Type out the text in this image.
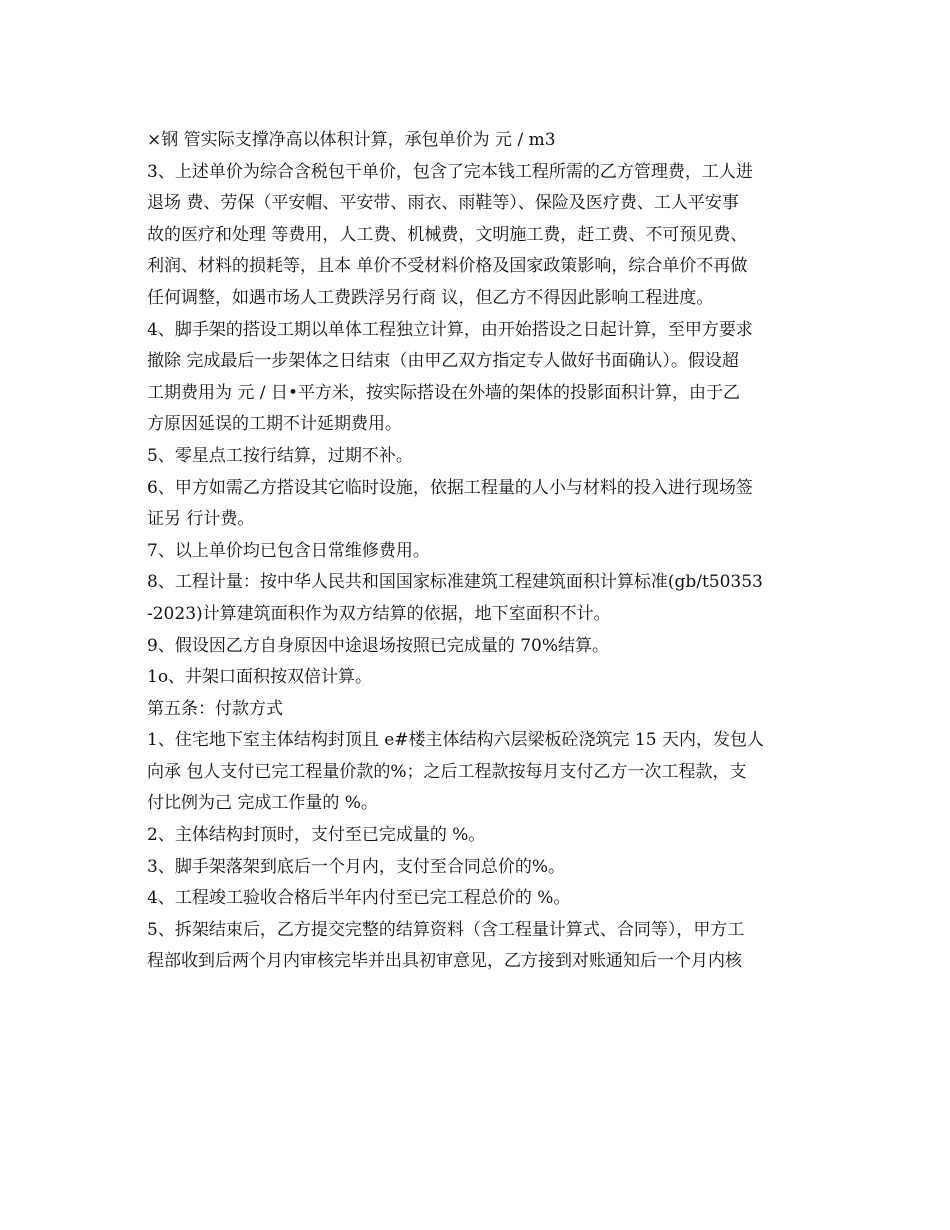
×钢 管实际支撑净高以体积计算，承包单价为 元 / m3
3、上述单价为综合含税包干单价，包含了完本钱工程所需的乙方管理费，工人进
退场 费、劳保（平安帽、平安带、雨衣、雨鞋等）、保险及医疗费、工人平安事
故的医疗和处理 等费用，人工费、机械费，文明施工费，赶工费、不可预见费、
利润、材料的损耗等，且本 单价不受材料价格及国家政策影响，综合单价不再做
任何调整，如遇市场人工费跌浮另行商 议，但乙方不得因此影响工程进度。
4、脚手架的搭设工期以单体工程独立计算，由开始搭设之日起计算，至甲方要求
撤除 完成最后一步架体之日结束（由甲乙双方指定专人做好书面确认）。假设超
工期费用为 元 / 日•平方米，按实际搭设在外墙的架体的投影面积计算，由于乙
方原因延误的工期不计延期费用。
5、零星点工按行结算，过期不补。
6、甲方如需乙方搭设其它临时设施，依据工程量的人小与材料的投入进行现场签
证另 行计费。
7、以上单价均已包含日常维修费用。
8、工程计量：按中华人民共和国国家标准建筑工程建筑面积计算标准(gb/t50353
-2023)计算建筑面积作为双方结算的依据，地下室面积不计。
9、假设因乙方自身原因中途退场按照已完成量的 70%结算。
1o、井架口面积按双倍计算。
第五条：付款方式
1、住宅地下室主体结构封顶且 e#楼主体结构六层梁板砼浇筑完 15 天内，发包人
向承 包人支付已完工程量价款的%；之后工程款按每月支付乙方一次工程款，支
付比例为己 完成工作量的 %。
2、主体结构封顶时，支付至已完成量的 %。
3、脚手架落架到底后一个月内，支付至合同总价的%。
4、工程竣工验收合格后半年内付至已完工程总价的 %。
5、拆架结束后，乙方提交完整的结算资料（含工程量计算式、合同等），甲方工
程部收到后两个月内审核完毕并出具初审意见，乙方接到对账通知后一个月内核
